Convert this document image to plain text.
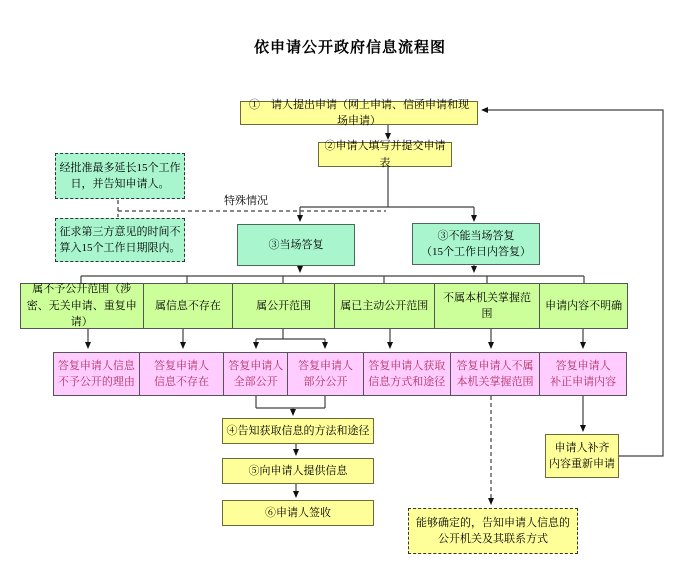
依申请公开政府信息流程图
①　请人提出申请（网上申请、信函申请和现场申请）
②申请人填写并提交申请表
经批准最多延长15个工作日，并告知申请人。
征求第三方意见的时间不算入15个工作日期限内。
特殊情况
③当场答复
③不能当场答复
（15个工作日内答复）
属不予公开范围（涉密、无关申请、重复申请）
属信息不存在	属公开范围	属已主动公开范围
不属本机关掌握范围
申请内容不明确
答复申请人信息
不予公开的理由
答复申请人
信息不存在
答复申请人
全部公开
答复申请人
部分公开
答复申请人获取
信息方式和途径
答复申请人不属
本机关掌握范围
答复申请人
补正申请内容
④告知获取信息的方法和途径
⑤向申请人提供信息
⑥申请人签收
申请人补齐
内容重新申请
能够确定的，告知申请人信息的公开机关及其联系方式
